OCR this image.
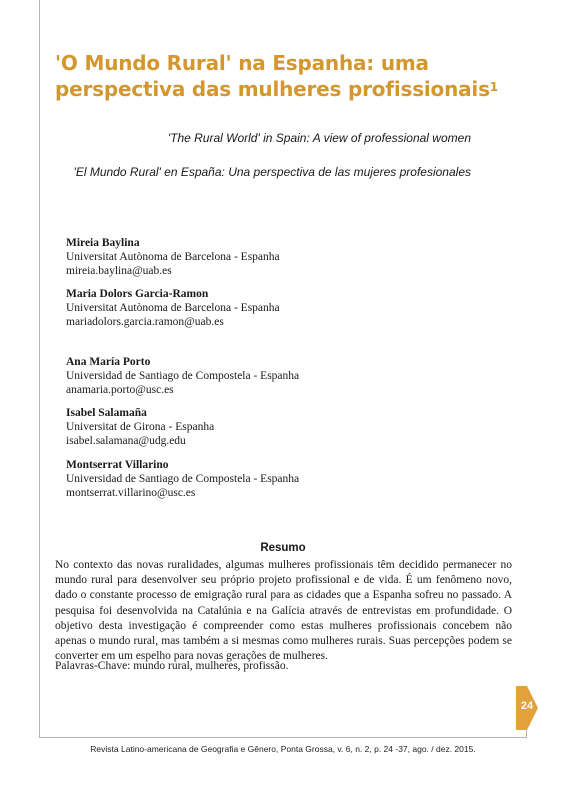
'O Mundo Rural' na Espanha: uma perspectiva das mulheres profissionais$^1$
'The Rural World' in Spain: A view of professional women
'El Mundo Rural' en España: Una perspectiva de las mujeres profesionales
Mireia Baylina
Universitat Autònoma de Barcelona - Espanha
mireia.baylina@uab.es
Maria Dolors Garcia-Ramon
Universitat Autònoma de Barcelona - Espanha
mariadolors.garcia.ramon@uab.es
Ana María Porto
Universidad de Santiago de Compostela - Espanha
anamaria.porto@usc.es
Isabel Salamaña
Universitat de Girona - Espanha
isabel.salamana@udg.edu
Montserrat Villarino
Universidad de Santiago de Compostela - Espanha
montserrat.villarino@usc.es
Resumo
No contexto das novas ruralidades, algumas mulheres profissionais têm decidido permanecer no mundo rural para desenvolver seu próprio projeto profissional e de vida. É um fenômeno novo, dado o constante processo de emigração rural para as cidades que a Espanha sofreu no passado. A pesquisa foi desenvolvida na Catalúnia e na Galícia através de entrevistas em profundidade. O objetivo desta investigação é compreender como estas mulheres profissionais concebem não apenas o mundo rural, mas também a si mesmas como mulheres rurais. Suas percepções podem se converter em um espelho para novas gerações de mulheres.
Palavras-Chave: mundo rural, mulheres, profissão.
24
Revista Latino-americana de Geografia e Gênero, Ponta Grossa, v. 6, n. 2, p. 24 -37, ago. / dez. 2015.
